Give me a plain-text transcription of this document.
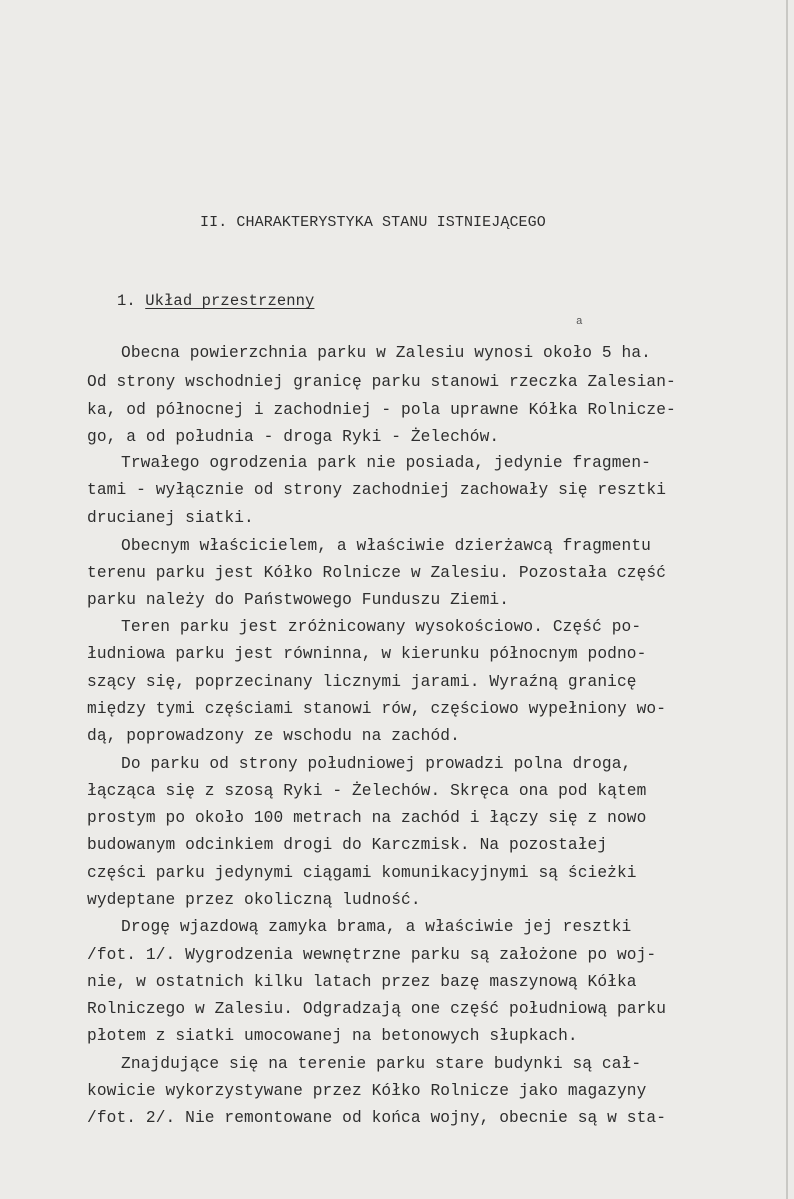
II. CHARAKTERYSTYKA STANU ISTNIEJĄCEGO
1. Układ przestrzenny
a
Obecna powierzchnia parku w Zalesiu wynosi około 5 ha.
Od strony wschodniej granicę parku stanowi rzeczka Zalesian-
ka, od północnej i zachodniej - pola uprawne Kółka Rolnicze-
go, a od południa - droga Ryki - Żelechów.
Trwałego ogrodzenia park nie posiada, jedynie fragmen-
tami - wyłącznie od strony zachodniej zachowały się resztki
drucianej siatki.
Obecnym właścicielem, a właściwie dzierżawcą fragmentu
terenu parku jest Kółko Rolnicze w Zalesiu. Pozostała część
parku należy do Państwowego Funduszu Ziemi.
Teren parku jest zróżnicowany wysokościowo. Część po-
łudniowa parku jest równinna, w kierunku północnym podno-
szący się, poprzecinany licznymi jarami. Wyraźną granicę
między tymi częściami stanowi rów, częściowo wypełniony wo-
dą, poprowadzony ze wschodu na zachód.
Do parku od strony południowej prowadzi polna droga,
łącząca się z szosą Ryki - Żelechów. Skręca ona pod kątem
prostym po około 100 metrach na zachód i łączy się z nowo
budowanym odcinkiem drogi do Karczmisk. Na pozostałej
części parku jedynymi ciągami komunikacyjnymi są ścieżki
wydeptane przez okoliczną ludność.
Drogę wjazdową zamyka brama, a właściwie jej resztki
/fot. 1/. Wygrodzenia wewnętrzne parku są założone po woj-
nie, w ostatnich kilku latach przez bazę maszynową Kółka
Rolniczego w Zalesiu. Odgradzają one część południową parku
płotem z siatki umocowanej na betonowych słupkach.
Znajdujące się na terenie parku stare budynki są cał-
kowicie wykorzystywane przez Kółko Rolnicze jako magazyny
/fot. 2/. Nie remontowane od końca wojny, obecnie są w sta-
